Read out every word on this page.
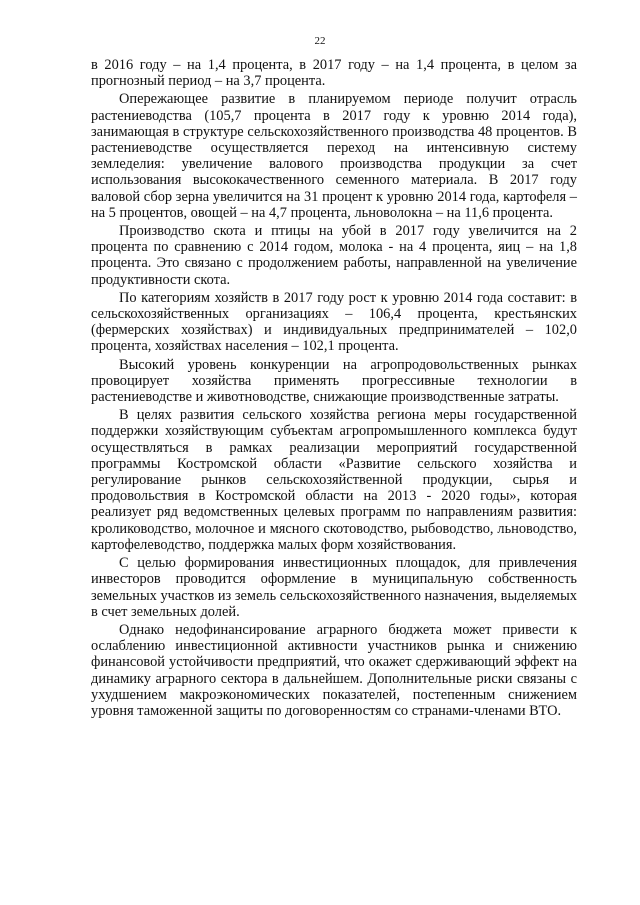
22

в 2016 году – на 1,4 процента, в 2017 году – на 1,4 процента, в целом за прогнозный период – на 3,7 процента.

Опережающее развитие в планируемом периоде получит отрасль растениеводства (105,7 процента в 2017 году к уровню 2014 года), занимающая в структуре сельскохозяйственного производства 48 процентов. В растениеводстве осуществляется переход на интенсивную систему земледелия: увеличение валового производства продукции за счет использования высококачественного семенного материала. В 2017 году валовой сбор зерна увеличится на 31 процент к уровню 2014 года, картофеля – на 5 процентов, овощей – на 4,7 процента, льноволокна – на 11,6 процента.

Производство скота и птицы на убой в 2017 году увеличится на 2 процента по сравнению с 2014 годом, молока - на 4 процента, яиц – на 1,8 процента. Это связано с продолжением работы, направленной на увеличение продуктивности скота.

По категориям хозяйств в 2017 году рост к уровню 2014 года составит: в сельскохозяйственных организациях – 106,4 процента, крестьянских (фермерских хозяйствах) и индивидуальных предпринимателей – 102,0 процента, хозяйствах населения – 102,1 процента.

Высокий уровень конкуренции на агропродовольственных рынках провоцирует хозяйства применять прогрессивные технологии в растениеводстве и животноводстве, снижающие производственные затраты.

В целях развития сельского хозяйства региона меры государственной поддержки хозяйствующим субъектам агропромышленного комплекса будут осуществляться в рамках реализации мероприятий государственной программы Костромской области «Развитие сельского хозяйства и регулирование рынков сельскохозяйственной продукции, сырья и продовольствия в Костромской области на 2013 - 2020 годы», которая реализует ряд ведомственных целевых программ по направлениям развития: кролиководство, молочное и мясного скотоводство, рыбоводство, льноводство, картофелеводство, поддержка малых форм хозяйствования.

С целью формирования инвестиционных площадок, для привлечения инвесторов проводится оформление в муниципальную собственность земельных участков из земель сельскохозяйственного назначения, выделяемых в счет земельных долей.

Однако недофинансирование аграрного бюджета может привести к ослаблению инвестиционной активности участников рынка и снижению финансовой устойчивости предприятий, что окажет сдерживающий эффект на динамику аграрного сектора в дальнейшем. Дополнительные риски связаны с ухудшением макроэкономических показателей, постепенным снижением уровня таможенной защиты по договоренностям со странами-членами ВТО.
